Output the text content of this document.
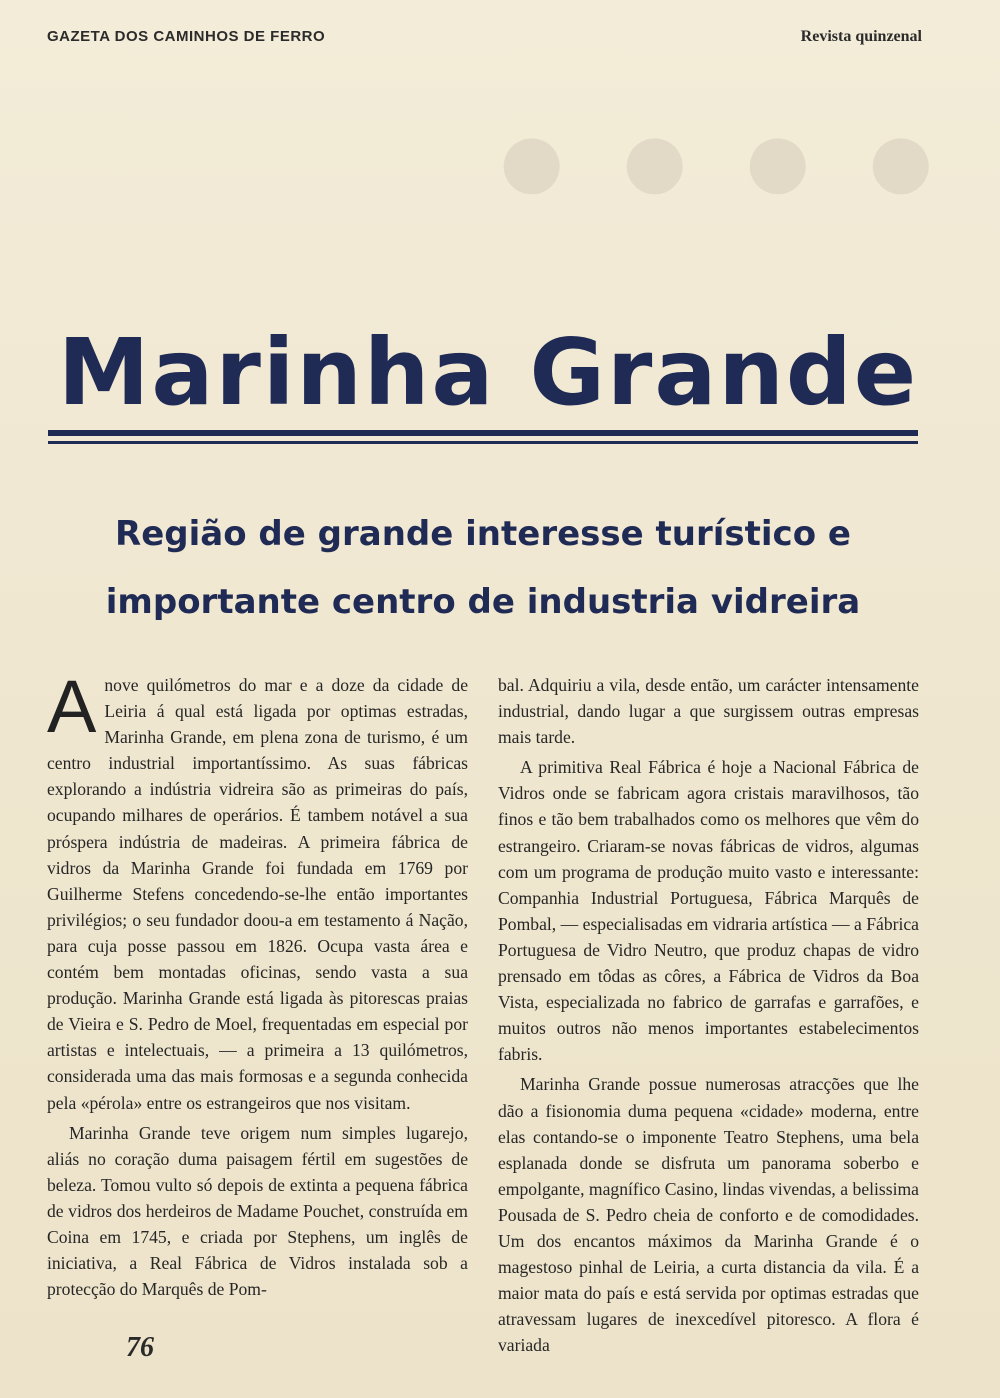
● ● ● ●
GAZETA DOS CAMINHOS DE FERRO	Revista quinzenal
Marinha Grande
Região de grande interesse turístico e importante centro de industria vidreira

Anove quilómetros do mar e a doze da cidade de Leiria á qual está ligada por optimas estradas, Marinha Grande, em plena zona de turismo, é um centro industrial importantíssimo. As suas fábricas explorando a indústria vidreira são as primeiras do país, ocupando milhares de operários. É tambem notável a sua próspera indústria de madeiras. A primeira fábrica de vidros da Marinha Grande foi fundada em 1769 por Guilherme Stefens concedendo-se-lhe então importantes privilégios; o seu fundador doou-a em testamento á Nação, para cuja posse passou em 1826. Ocupa vasta área e contém bem montadas oficinas, sendo vasta a sua produção. Marinha Grande está ligada às pitorescas praias de Vieira e S. Pedro de Moel, frequentadas em especial por artistas e intelectuais, — a primeira a 13 quilómetros, considerada uma das mais formosas e a segunda conhecida pela «pérola» entre os estrangeiros que nos visitam.

Marinha Grande teve origem num simples lugarejo, aliás no coração duma paisagem fértil em sugestões de beleza. Tomou vulto só depois de extinta a pequena fábrica de vidros dos herdeiros de Madame Pouchet, construída em Coina em 1745, e criada por Stephens, um inglês de iniciativa, a Real Fábrica de Vidros instalada sob a protecção do Marquês de Pom-

bal. Adquiriu a vila, desde então, um carácter intensamente industrial, dando lugar a que surgissem outras empresas mais tarde.

A primitiva Real Fábrica é hoje a Nacional Fábrica de Vidros onde se fabricam agora cristais maravilhosos, tão finos e tão bem trabalhados como os melhores que vêm do estrangeiro. Criaram-se novas fábricas de vidros, algumas com um programa de produção muito vasto e interessante: Companhia Industrial Portuguesa, Fábrica Marquês de Pombal, — especialisadas em vidraria artística — a Fábrica Portuguesa de Vidro Neutro, que produz chapas de vidro prensado em tôdas as côres, a Fábrica de Vidros da Boa Vista, especializada no fabrico de garrafas e garrafões, e muitos outros não menos importantes estabelecimentos fabris.

Marinha Grande possue numerosas atracções que lhe dão a fisionomia duma pequena «cidade» moderna, entre elas contando-se o imponente Teatro Stephens, uma bela esplanada donde se disfruta um panorama soberbo e empolgante, magnífico Casino, lindas vivendas, a belissima Pousada de S. Pedro cheia de conforto e de comodidades. Um dos encantos máximos da Marinha Grande é o magestoso pinhal de Leiria, a curta distancia da vila. É a maior mata do país e está servida por optimas estradas que atravessam lugares de inexcedível pitoresco. A flora é variada

76
